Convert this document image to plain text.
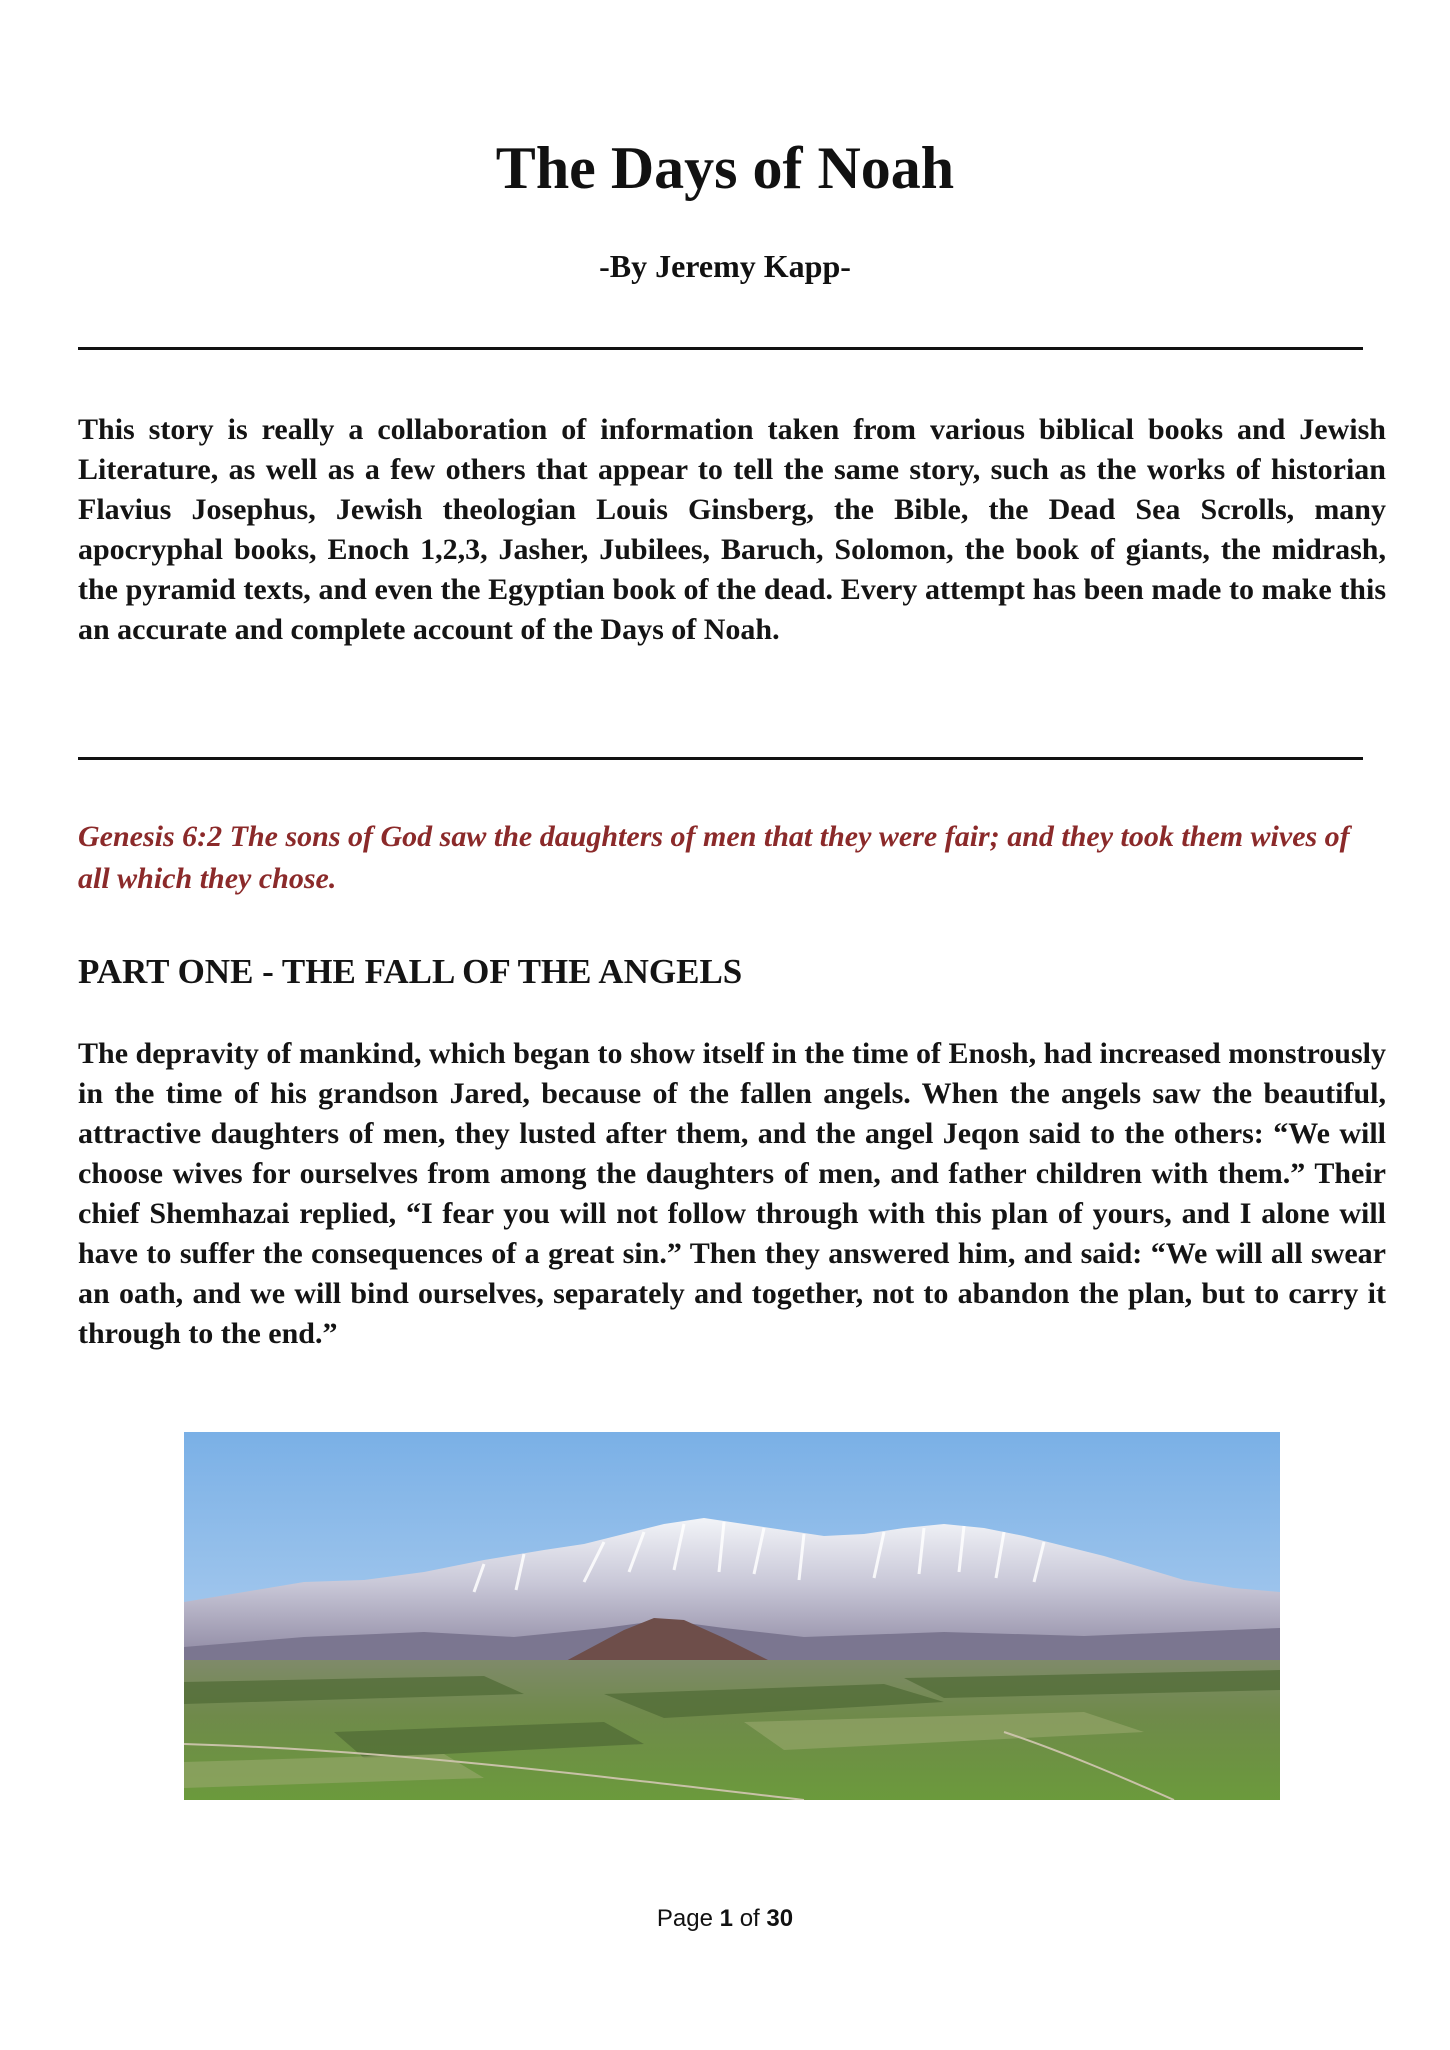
The Days of Noah
-By Jeremy Kapp-

This story is really a collaboration of information taken from various biblical books and Jewish Literature, as well as a few others that appear to tell the same story, such as the works of historian Flavius Josephus, Jewish theologian Louis Ginsberg, the Bible, the Dead Sea Scrolls, many apocryphal books, Enoch 1,2,3, Jasher, Jubilees, Baruch, Solomon, the book of giants, the midrash, the pyramid texts, and even the Egyptian book of the dead. Every attempt has been made to make this an accurate and complete account of the Days of Noah.

Genesis 6:2 The sons of God saw the daughters of men that they were fair; and they took them wives of all which they chose.

PART ONE - THE FALL OF THE ANGELS

The depravity of mankind, which began to show itself in the time of Enosh, had increased monstrously in the time of his grandson Jared, because of the fallen angels. When the angels saw the beautiful, attractive daughters of men, they lusted after them, and the angel Jeqon said to the others: “We will choose wives for ourselves from among the daughters of men, and father children with them.” Their chief Shemhazai replied, “I fear you will not follow through with this plan of yours, and I alone will have to suffer the consequences of a great sin.” Then they answered him, and said: “We will all swear an oath, and we will bind ourselves, separately and together, not to abandon the plan, but to carry it through to the end.”

Page 1 of 30
